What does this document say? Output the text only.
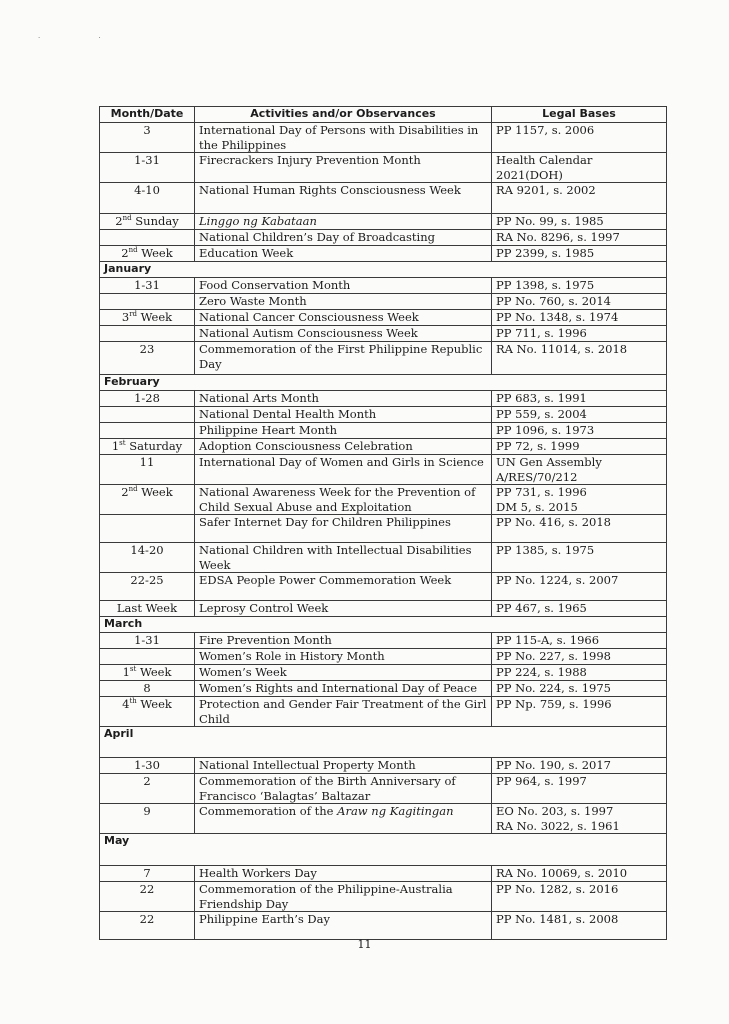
· ·
Month/Date	Activities and/or Observances	Legal Bases
3	International Day of Persons with Disabilities in the Philippines	PP 1157, s. 2006

1-31	Firecrackers Injury Prevention Month	Health Calendar 2021(DOH)

4-10	National Human Rights Consciousness Week	RA 9201, s. 2002

2nd Sunday	Linggo ng Kabataan	PP No. 99, s. 1985

	National Children’s Day of Broadcasting	RA No. 8296, s. 1997

2nd Week	Education Week	PP 2399, s. 1985

January		
1-31	Food Conservation Month	PP 1398, s. 1975

	Zero Waste Month	PP No. 760, s. 2014

3rd Week	National Cancer Consciousness Week	PP No. 1348, s. 1974

	National Autism Consciousness Week	PP 711, s. 1996

23	Commemoration of the First Philippine Republic Day	RA No. 11014, s. 2018

February		
1-28	National Arts Month	PP 683, s. 1991

	National Dental Health Month	PP 559, s. 2004

	Philippine Heart Month	PP 1096, s. 1973

1st Saturday	Adoption Consciousness Celebration	PP 72, s. 1999

11	International Day of Women and Girls in Science	UN Gen Assembly A/RES/70/212

2nd Week	National Awareness Week for the Prevention of Child Sexual Abuse and Exploitation	PP 731, s. 1996
DM 5, s. 2015

	Safer Internet Day for Children Philippines	PP No. 416, s. 2018

14-20	National Children with Intellectual Disabilities Week	PP 1385, s. 1975

22-25	EDSA People Power Commemoration Week	PP No. 1224, s. 2007

Last Week	Leprosy Control Week	PP 467, s. 1965

March		
1-31	Fire Prevention Month	PP 115-A, s. 1966

	Women’s Role in History Month	PP No. 227, s. 1998

1st Week	Women’s Week	PP 224, s. 1988

8	Women’s Rights and International Day of Peace	PP No. 224, s. 1975

4th Week	Protection and Gender Fair Treatment of the Girl Child	PP Np. 759, s. 1996

April		
1-30	National Intellectual Property Month	PP No. 190, s. 2017

2	Commemoration of the Birth Anniversary of Francisco ‘Balagtas’ Baltazar	PP 964, s. 1997

9	Commemoration of the Araw ng Kagitingan	EO No. 203, s. 1997
RA No. 3022, s. 1961

May		
7	Health Workers Day	RA No. 10069, s. 2010

22	Commemoration of the Philippine-Australia Friendship Day	PP No. 1282, s. 2016

22	Philippine Earth’s Day	PP No. 1481, s. 2008
11
